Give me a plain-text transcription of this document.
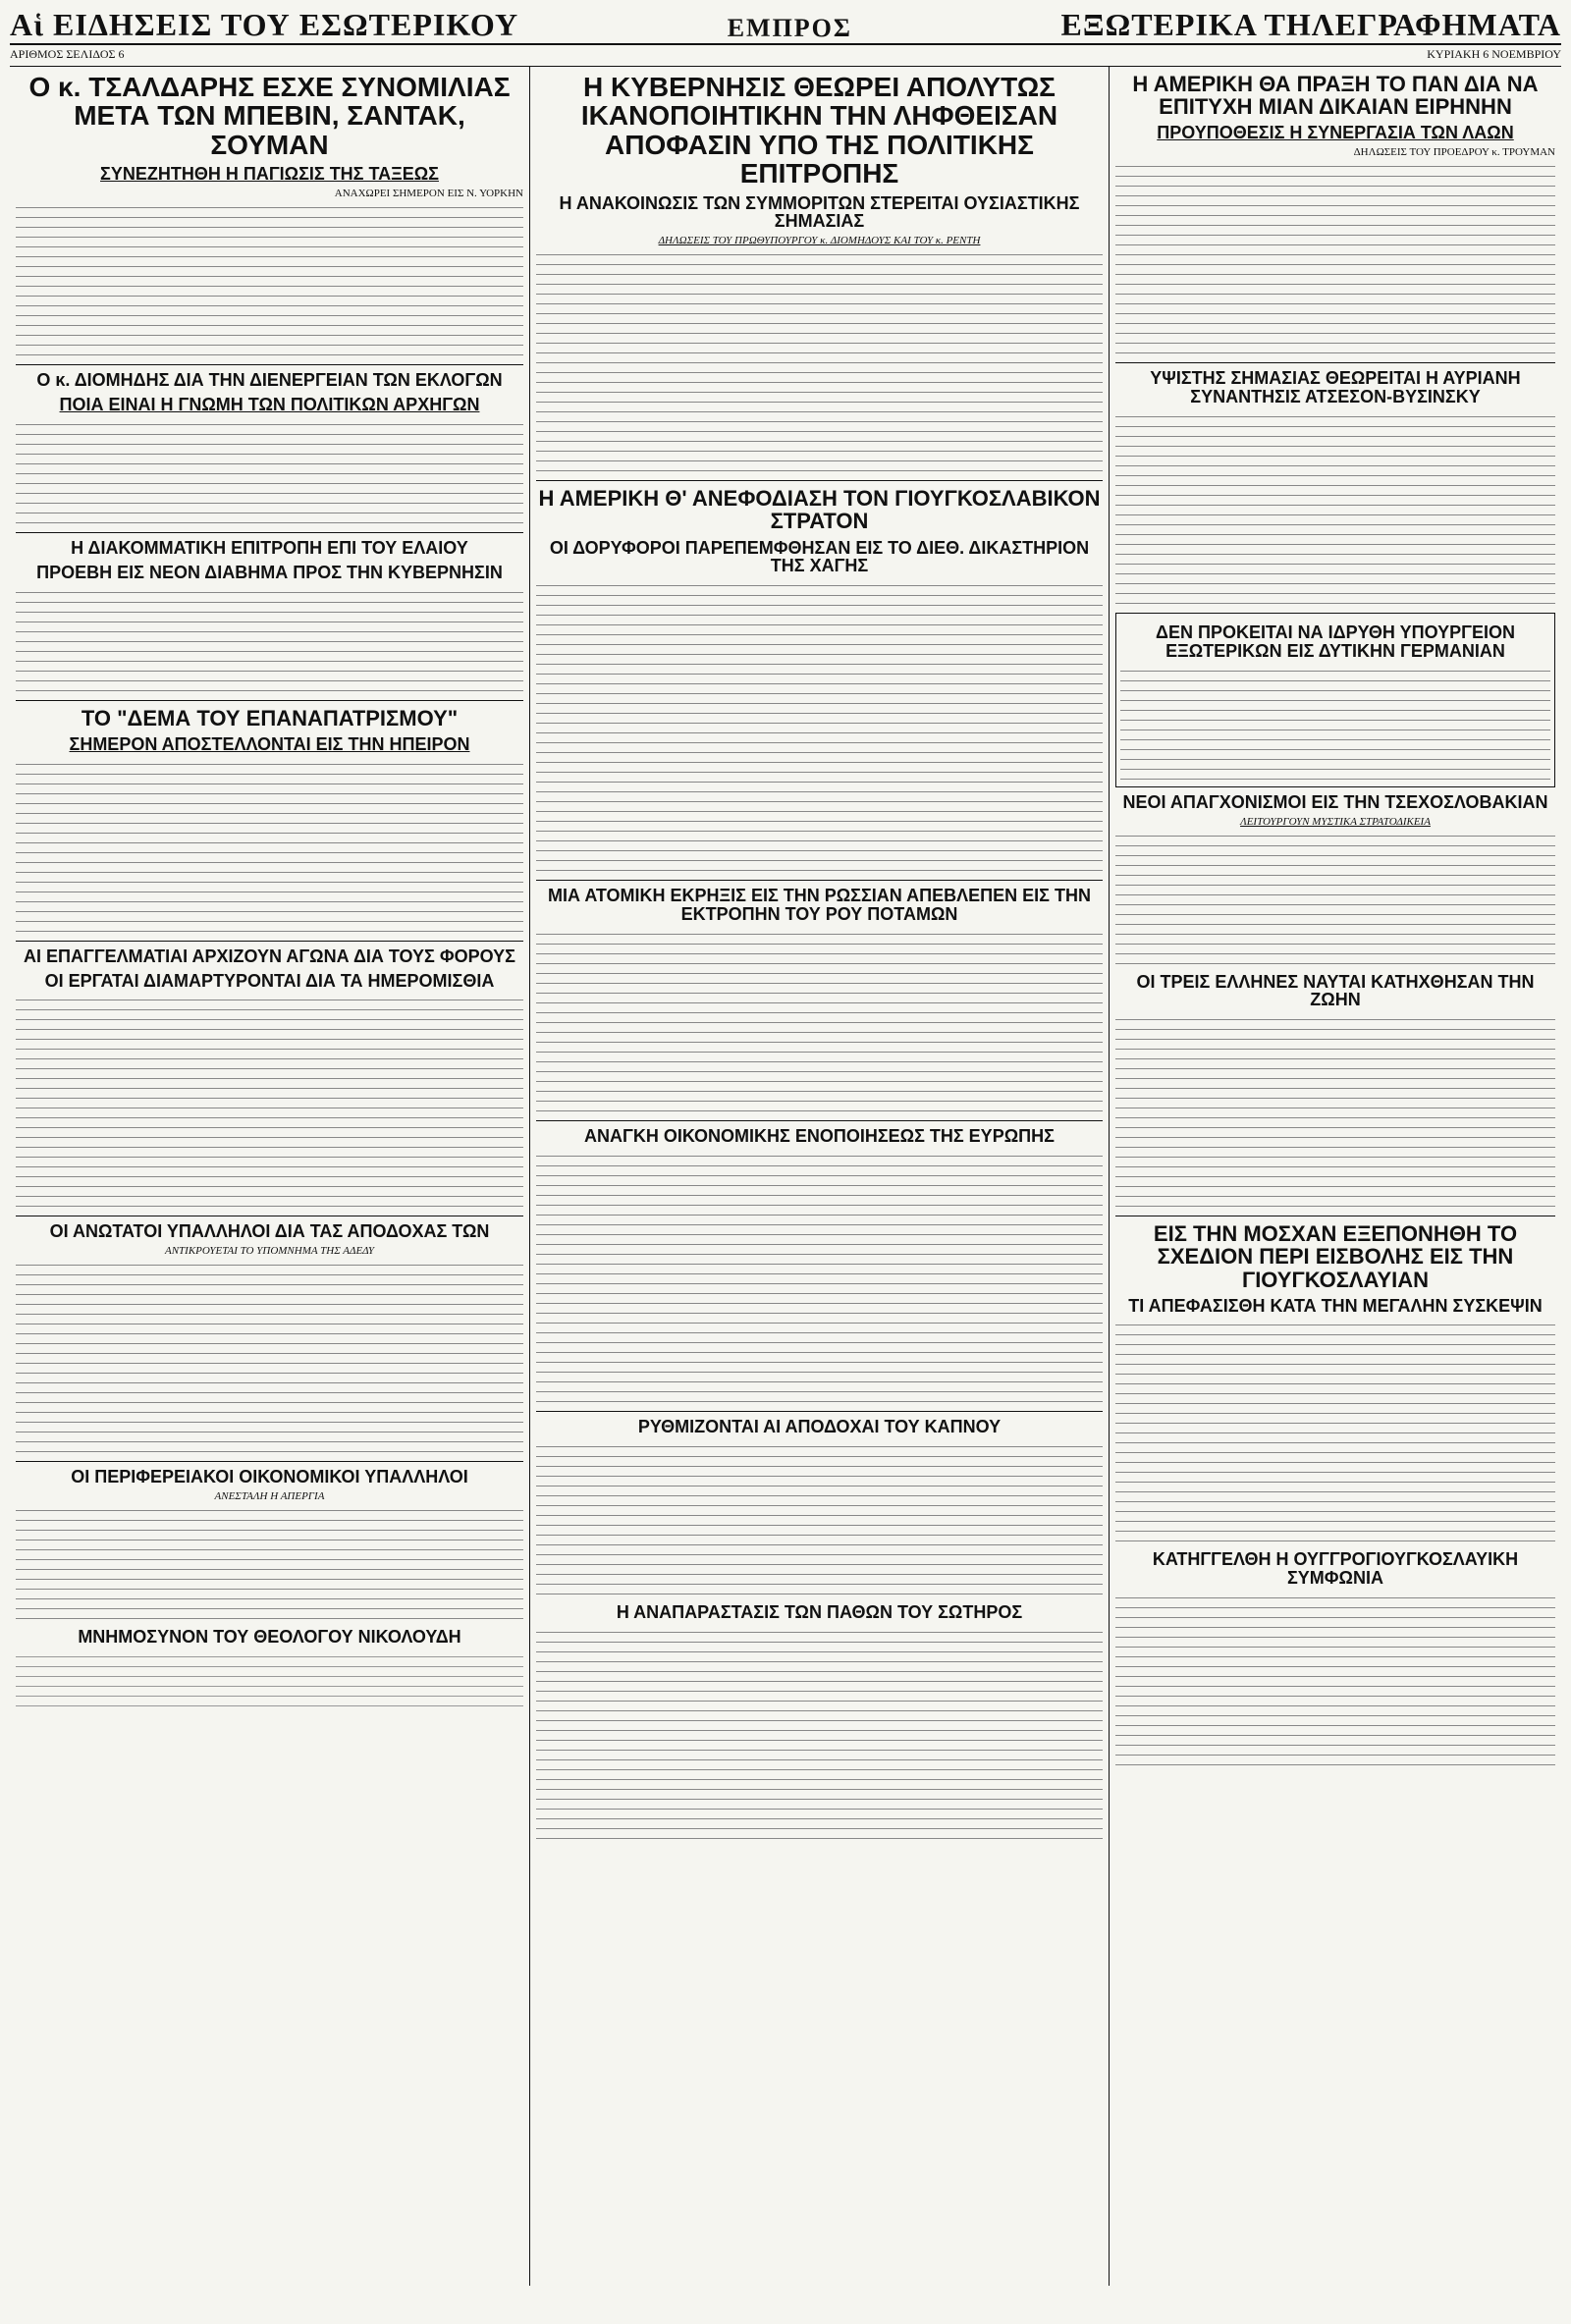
Αἱ ΕΙΔΗΣΕΙΣ ΤΟΥ ΕΣΩΤΕΡΙΚΟΥ	ΕΜΠΡΟΣ	ΕΞΩΤΕΡΙΚΑ ΤΗΛΕΓΡΑΦΗΜΑΤΑ
ΑΡΙΘΜΟΣ ΣΕΛΙΔΟΣ 6	ΚΥΡΙΑΚΗ 6 ΝΟΕΜΒΡΙΟΥ
Ο κ. ΤΣΑΛΔΑΡΗΣ ΕΣΧΕ ΣΥΝΟΜΙΛΙΑΣ ΜΕΤΑ ΤΩΝ ΜΠΕΒΙΝ, ΣΑΝΤΑΚ, ΣΟΥΜΑΝ
ΣΥΝΕΖΗΤΗΘΗ Η ΠΑΓΙΩΣΙΣ ΤΗΣ ΤΑΞΕΩΣ
ΑΝΑΧΩΡΕΙ ΣΗΜΕΡΟΝ ΕΙΣ Ν. ΥΟΡΚΗΝ
Ο κ. ΔΙΟΜΗΔΗΣ ΔΙΑ ΤΗΝ ΔΙΕΝΕΡΓΕΙΑΝ ΤΩΝ ΕΚΛΟΓΩΝ
ΠΟΙΑ ΕΙΝΑΙ Η ΓΝΩΜΗ ΤΩΝ ΠΟΛΙΤΙΚΩΝ ΑΡΧΗΓΩΝ
Η ΔΙΑΚΟΜΜΑΤΙΚΗ ΕΠΙΤΡΟΠΗ ΕΠΙ ΤΟΥ ΕΛΑΙΟΥ
ΠΡΟΕΒΗ ΕΙΣ ΝΕΟΝ ΔΙΑΒΗΜΑ ΠΡΟΣ ΤΗΝ ΚΥΒΕΡΝΗΣΙΝ
ΤΟ "ΔΕΜΑ ΤΟΥ ΕΠΑΝΑΠΑΤΡΙΣΜΟΥ"
ΣΗΜΕΡΟΝ ΑΠΟΣΤΕΛΛΟΝΤΑΙ ΕΙΣ ΤΗΝ ΗΠΕΙΡΟΝ
ΑΙ ΕΠΑΓΓΕΛΜΑΤΙΑΙ ΑΡΧΙΖΟΥΝ ΑΓΩΝΑ ΔΙΑ ΤΟΥΣ ΦΟΡΟΥΣ
ΟΙ ΕΡΓΑΤΑΙ ΔΙΑΜΑΡΤΥΡΟΝΤΑΙ ΔΙΑ ΤΑ ΗΜΕΡΟΜΙΣΘΙΑ
ΟΙ ΑΝΩΤΑΤΟΙ ΥΠΑΛΛΗΛΟΙ ΔΙΑ ΤΑΣ ΑΠΟΔΟΧΑΣ ΤΩΝ
ΑΝΤΙΚΡΟΥΕΤΑΙ ΤΟ ΥΠΟΜΝΗΜΑ ΤΗΣ ΑΔΕΔΥ
ΟΙ ΠΕΡΙΦΕΡΕΙΑΚΟΙ ΟΙΚΟΝΟΜΙΚΟΙ ΥΠΑΛΛΗΛΟΙ
ΑΝΕΣΤΑΛΗ Η ΑΠΕΡΓΙΑ
ΜΝΗΜΟΣΥΝΟΝ ΤΟΥ ΘΕΟΛΟΓΟΥ ΝΙΚΟΛΟΥΔΗ
Η ΚΥΒΕΡΝΗΣΙΣ ΘΕΩΡΕΙ ΑΠΟΛΥΤΩΣ ΙΚΑΝΟΠΟΙΗΤΙΚΗΝ ΤΗΝ ΛΗΦΘΕΙΣΑΝ ΑΠΟΦΑΣΙΝ ΥΠΟ ΤΗΣ ΠΟΛΙΤΙΚΗΣ ΕΠΙΤΡΟΠΗΣ
Η ΑΝΑΚΟΙΝΩΣΙΣ ΤΩΝ ΣΥΜΜΟΡΙΤΩΝ ΣΤΕΡΕΙΤΑΙ ΟΥΣΙΑΣΤΙΚΗΣ ΣΗΜΑΣΙΑΣ
ΔΗΛΩΣΕΙΣ ΤΟΥ ΠΡΩΘΥΠΟΥΡΓΟΥ κ. ΔΙΟΜΗΔΟΥΣ ΚΑΙ ΤΟΥ κ. ΡΕΝΤΗ
Η ΑΜΕΡΙΚΗ Θ' ΑΝΕΦΟΔΙΑΣΗ ΤΟΝ ΓΙΟΥΓΚΟΣΛΑΒΙΚΟΝ ΣΤΡΑΤΟΝ
ΟΙ ΔΟΡΥΦΟΡΟΙ ΠΑΡΕΠΕΜΦΘΗΣΑΝ ΕΙΣ ΤΟ ΔΙΕΘ. ΔΙΚΑΣΤΗΡΙΟΝ ΤΗΣ ΧΑΓΗΣ
ΜΙΑ ΑΤΟΜΙΚΗ ΕΚΡΗΞΙΣ ΕΙΣ ΤΗΝ ΡΩΣΣΙΑΝ ΑΠΕΒΛΕΠΕΝ ΕΙΣ ΤΗΝ ΕΚΤΡΟΠΗΝ ΤΟΥ ΡΟΥ ΠΟΤΑΜΩΝ
ΑΝΑΓΚΗ ΟΙΚΟΝΟΜΙΚΗΣ ΕΝΟΠΟΙΗΣΕΩΣ ΤΗΣ ΕΥΡΩΠΗΣ
ΡΥΘΜΙΖΟΝΤΑΙ ΑΙ ΑΠΟΔΟΧΑΙ ΤΟΥ ΚΑΠΝΟΥ
Η ΑΝΑΠΑΡΑΣΤΑΣΙΣ ΤΩΝ ΠΑΘΩΝ ΤΟΥ ΣΩΤΗΡΟΣ
Η ΑΜΕΡΙΚΗ ΘΑ ΠΡΑΞΗ ΤΟ ΠΑΝ ΔΙΑ ΝΑ ΕΠΙΤΥΧΗ ΜΙΑΝ ΔΙΚΑΙΑΝ ΕΙΡΗΝΗΝ
ΠΡΟΥΠΟΘΕΣΙΣ Η ΣΥΝΕΡΓΑΣΙΑ ΤΩΝ ΛΑΩΝ
ΔΗΛΩΣΕΙΣ ΤΟΥ ΠΡΟΕΔΡΟΥ κ. ΤΡΟΥΜΑΝ
ΥΨΙΣΤΗΣ ΣΗΜΑΣΙΑΣ ΘΕΩΡΕΙΤΑΙ Η ΑΥΡΙΑΝΗ ΣΥΝΑΝΤΗΣΙΣ ΑΤΣΕΣΟΝ-ΒΥΣΙΝΣΚΥ
ΔΕΝ ΠΡΟΚΕΙΤΑΙ ΝΑ ΙΔΡΥΘΗ ΥΠΟΥΡΓΕΙΟΝ ΕΞΩΤΕΡΙΚΩΝ ΕΙΣ ΔΥΤΙΚΗΝ ΓΕΡΜΑΝΙΑΝ
ΝΕΟΙ ΑΠΑΓΧΟΝΙΣΜΟΙ ΕΙΣ ΤΗΝ ΤΣΕΧΟΣΛΟΒΑΚΙΑΝ
ΛΕΙΤΟΥΡΓΟΥΝ ΜΥΣΤΙΚΑ ΣΤΡΑΤΟΔΙΚΕΙΑ
ΟΙ ΤΡΕΙΣ ΕΛΛΗΝΕΣ ΝΑΥΤΑΙ ΚΑΤΗΧΘΗΣΑΝ ΤΗΝ ΖΩΗΝ
ΕΙΣ ΤΗΝ ΜΟΣΧΑΝ ΕΞΕΠΟΝΗΘΗ ΤΟ ΣΧΕΔΙΟΝ ΠΕΡΙ ΕΙΣΒΟΛΗΣ ΕΙΣ ΤΗΝ ΓΙΟΥΓΚΟΣΛΑΥΙΑΝ
ΤΙ ΑΠΕΦΑΣΙΣΘΗ ΚΑΤΑ ΤΗΝ ΜΕΓΑΛΗΝ ΣΥΣΚΕΨΙΝ
ΚΑΤΗΓΓΕΛΘΗ Η ΟΥΓΓΡΟΓΙΟΥΓΚΟΣΛΑΥΙΚΗ ΣΥΜΦΩΝΙΑ
